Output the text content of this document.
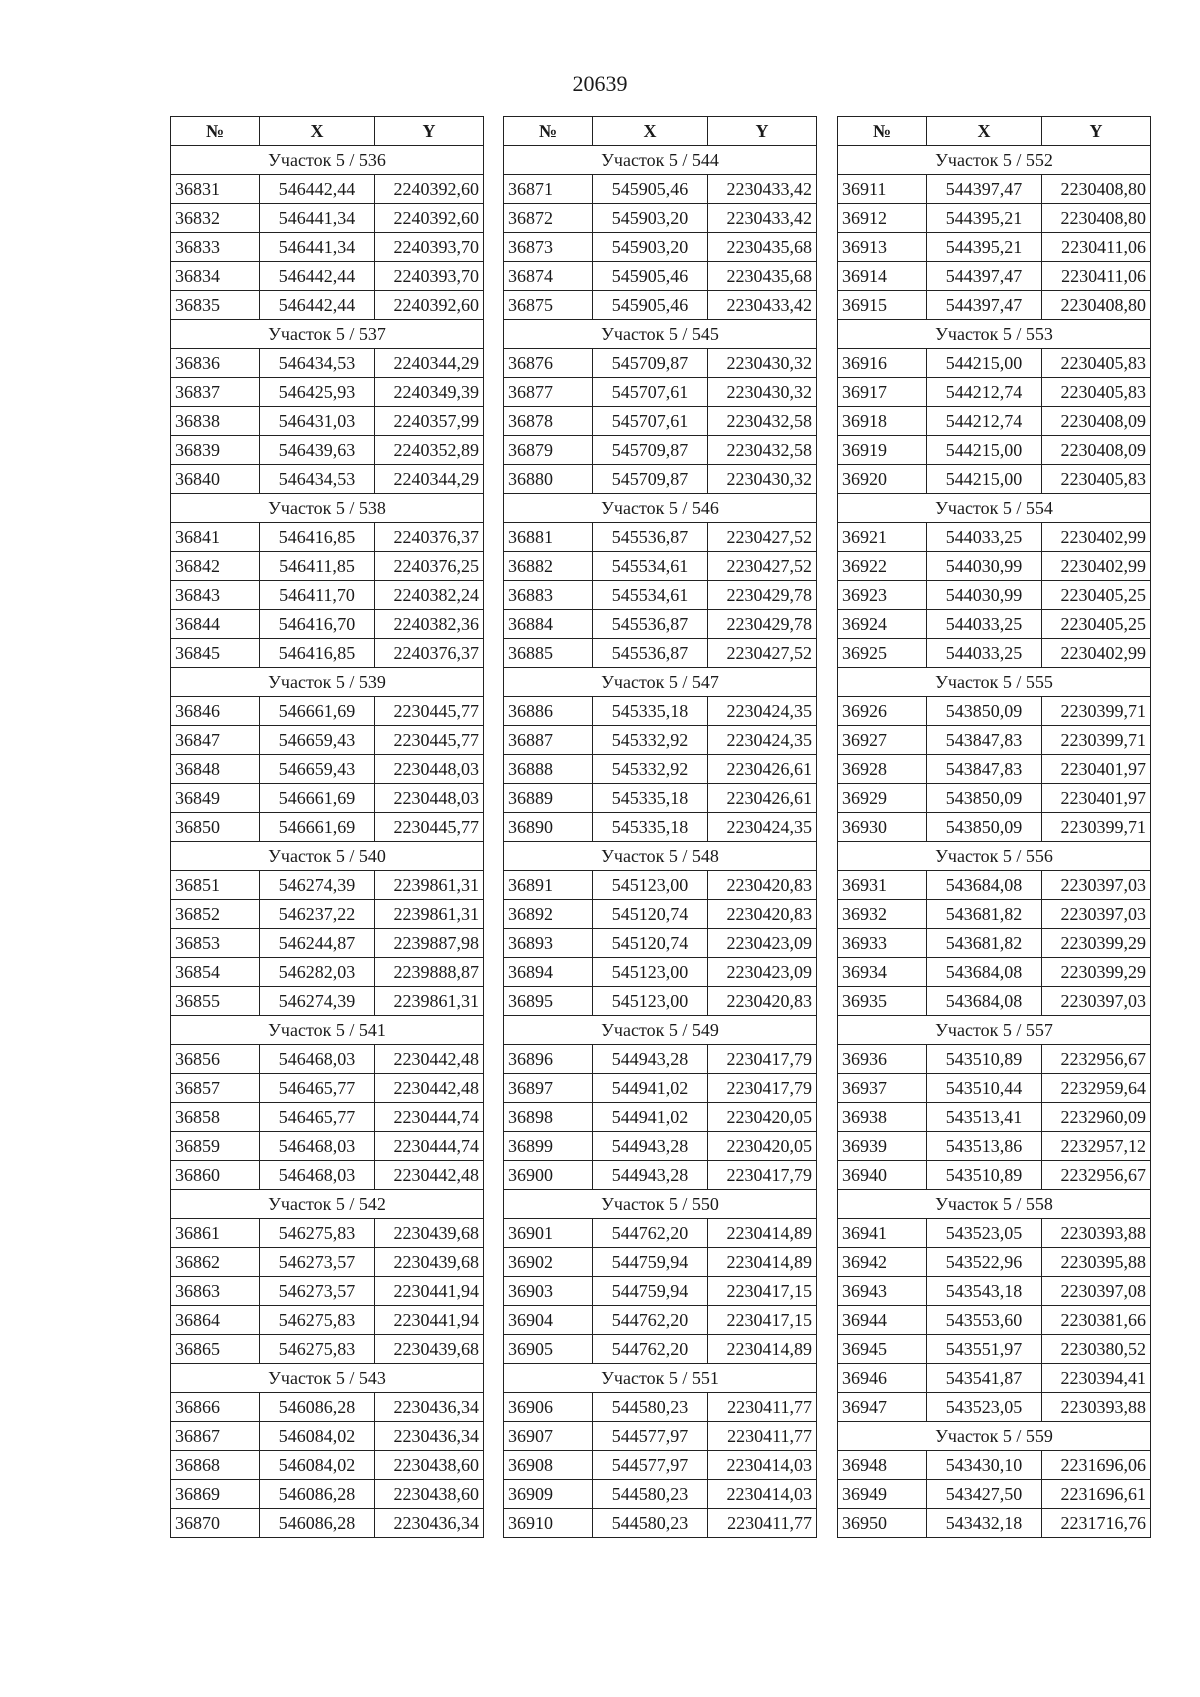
20639
№	X	Y
Участок 5 / 536		
36831	546442,44	2240392,60
36832	546441,34	2240392,60
36833	546441,34	2240393,70
36834	546442,44	2240393,70
36835	546442,44	2240392,60
Участок 5 / 537		
36836	546434,53	2240344,29
36837	546425,93	2240349,39
36838	546431,03	2240357,99
36839	546439,63	2240352,89
36840	546434,53	2240344,29
Участок 5 / 538		
36841	546416,85	2240376,37
36842	546411,85	2240376,25
36843	546411,70	2240382,24
36844	546416,70	2240382,36
36845	546416,85	2240376,37
Участок 5 / 539		
36846	546661,69	2230445,77
36847	546659,43	2230445,77
36848	546659,43	2230448,03
36849	546661,69	2230448,03
36850	546661,69	2230445,77
Участок 5 / 540		
36851	546274,39	2239861,31
36852	546237,22	2239861,31
36853	546244,87	2239887,98
36854	546282,03	2239888,87
36855	546274,39	2239861,31
Участок 5 / 541		
36856	546468,03	2230442,48
36857	546465,77	2230442,48
36858	546465,77	2230444,74
36859	546468,03	2230444,74
36860	546468,03	2230442,48
Участок 5 / 542		
36861	546275,83	2230439,68
36862	546273,57	2230439,68
36863	546273,57	2230441,94
36864	546275,83	2230441,94
36865	546275,83	2230439,68
Участок 5 / 543		
36866	546086,28	2230436,34
36867	546084,02	2230436,34
36868	546084,02	2230438,60
36869	546086,28	2230438,60
36870	546086,28	2230436,34
№	X	Y
Участок 5 / 544		
36871	545905,46	2230433,42
36872	545903,20	2230433,42
36873	545903,20	2230435,68
36874	545905,46	2230435,68
36875	545905,46	2230433,42
Участок 5 / 545		
36876	545709,87	2230430,32
36877	545707,61	2230430,32
36878	545707,61	2230432,58
36879	545709,87	2230432,58
36880	545709,87	2230430,32
Участок 5 / 546		
36881	545536,87	2230427,52
36882	545534,61	2230427,52
36883	545534,61	2230429,78
36884	545536,87	2230429,78
36885	545536,87	2230427,52
Участок 5 / 547		
36886	545335,18	2230424,35
36887	545332,92	2230424,35
36888	545332,92	2230426,61
36889	545335,18	2230426,61
36890	545335,18	2230424,35
Участок 5 / 548		
36891	545123,00	2230420,83
36892	545120,74	2230420,83
36893	545120,74	2230423,09
36894	545123,00	2230423,09
36895	545123,00	2230420,83
Участок 5 / 549		
36896	544943,28	2230417,79
36897	544941,02	2230417,79
36898	544941,02	2230420,05
36899	544943,28	2230420,05
36900	544943,28	2230417,79
Участок 5 / 550		
36901	544762,20	2230414,89
36902	544759,94	2230414,89
36903	544759,94	2230417,15
36904	544762,20	2230417,15
36905	544762,20	2230414,89
Участок 5 / 551		
36906	544580,23	2230411,77
36907	544577,97	2230411,77
36908	544577,97	2230414,03
36909	544580,23	2230414,03
36910	544580,23	2230411,77
№	X	Y
Участок 5 / 552		
36911	544397,47	2230408,80
36912	544395,21	2230408,80
36913	544395,21	2230411,06
36914	544397,47	2230411,06
36915	544397,47	2230408,80
Участок 5 / 553		
36916	544215,00	2230405,83
36917	544212,74	2230405,83
36918	544212,74	2230408,09
36919	544215,00	2230408,09
36920	544215,00	2230405,83
Участок 5 / 554		
36921	544033,25	2230402,99
36922	544030,99	2230402,99
36923	544030,99	2230405,25
36924	544033,25	2230405,25
36925	544033,25	2230402,99
Участок 5 / 555		
36926	543850,09	2230399,71
36927	543847,83	2230399,71
36928	543847,83	2230401,97
36929	543850,09	2230401,97
36930	543850,09	2230399,71
Участок 5 / 556		
36931	543684,08	2230397,03
36932	543681,82	2230397,03
36933	543681,82	2230399,29
36934	543684,08	2230399,29
36935	543684,08	2230397,03
Участок 5 / 557		
36936	543510,89	2232956,67
36937	543510,44	2232959,64
36938	543513,41	2232960,09
36939	543513,86	2232957,12
36940	543510,89	2232956,67
Участок 5 / 558		
36941	543523,05	2230393,88
36942	543522,96	2230395,88
36943	543543,18	2230397,08
36944	543553,60	2230381,66
36945	543551,97	2230380,52
36946	543541,87	2230394,41
36947	543523,05	2230393,88
Участок 5 / 559		
36948	543430,10	2231696,06
36949	543427,50	2231696,61
36950	543432,18	2231716,76
